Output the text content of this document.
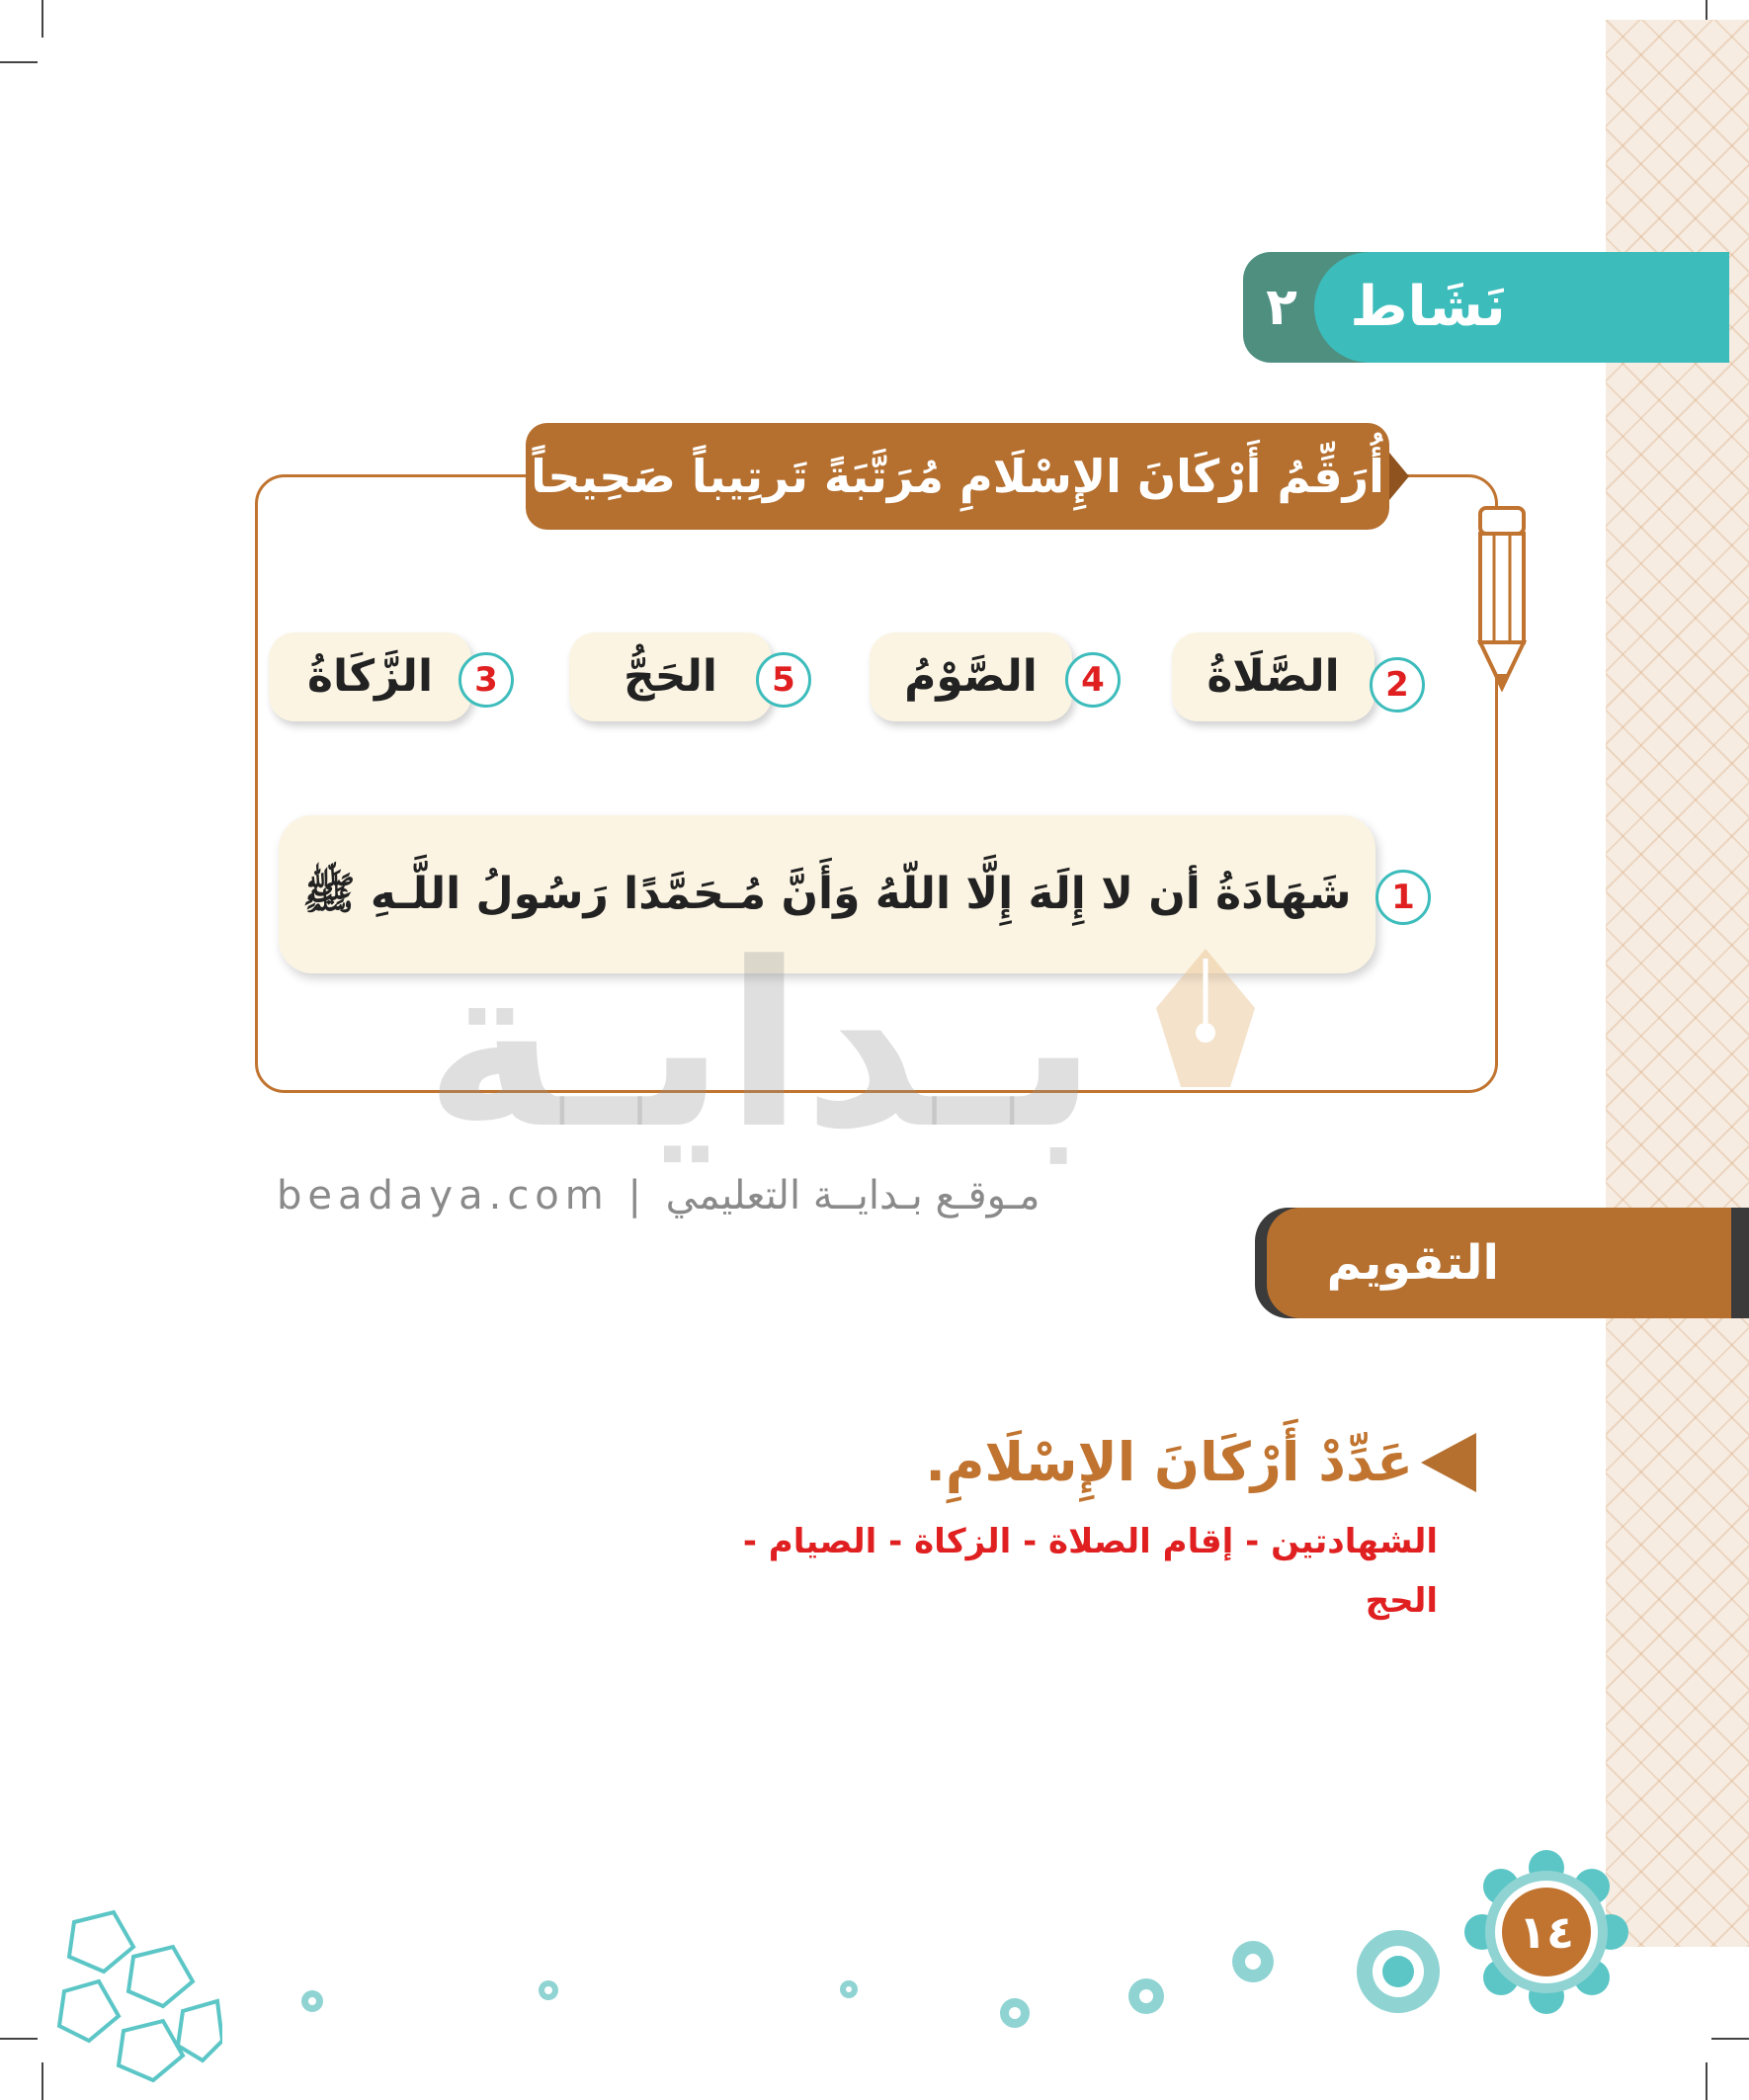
٢ نَشَاط
أُرَقِّمُ أَرْكَانَ الإِسْلَامِ مُرَتَّبَةً تَرتِيباً صَحِيحاً
الزَّكَاةُ	3	الحَجُّ	5	الصَّوْمُ	4	الصَّلَاةُ	2
شَهَادَةُ أن لا إِلَهَ إِلَّا اللّهُ وَأَنَّ مُـحَمَّدًا رَسُولُ اللَّـهِ ﷺ	1
بـدايـة
beadaya.com | مـوقـع بـدايــة التعليمي
التقويم
عَدِّدْ أَرْكَانَ الإِسْلَامِ.
الشهادتين - إقام الصلاة - الزكاة - الصيام - الحج
١٤
